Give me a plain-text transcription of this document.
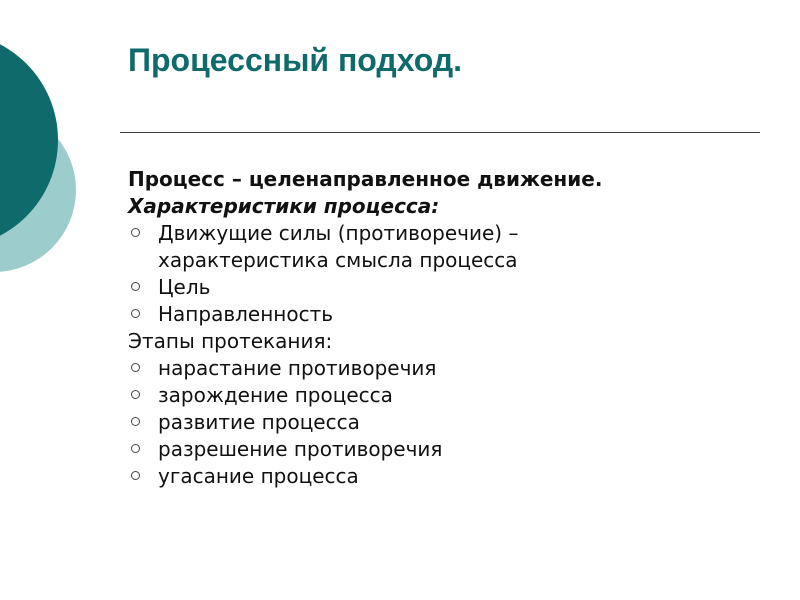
Процессный подход.
Процесс – целенаправленное движение.
Характеристики процесса:
Движущие силы (противоречие) –
характеристика смысла процесса
Цель
Направленность
Этапы протекания:
нарастание противоречия
зарождение процесса
развитие процесса
разрешение противоречия
угасание процесса
